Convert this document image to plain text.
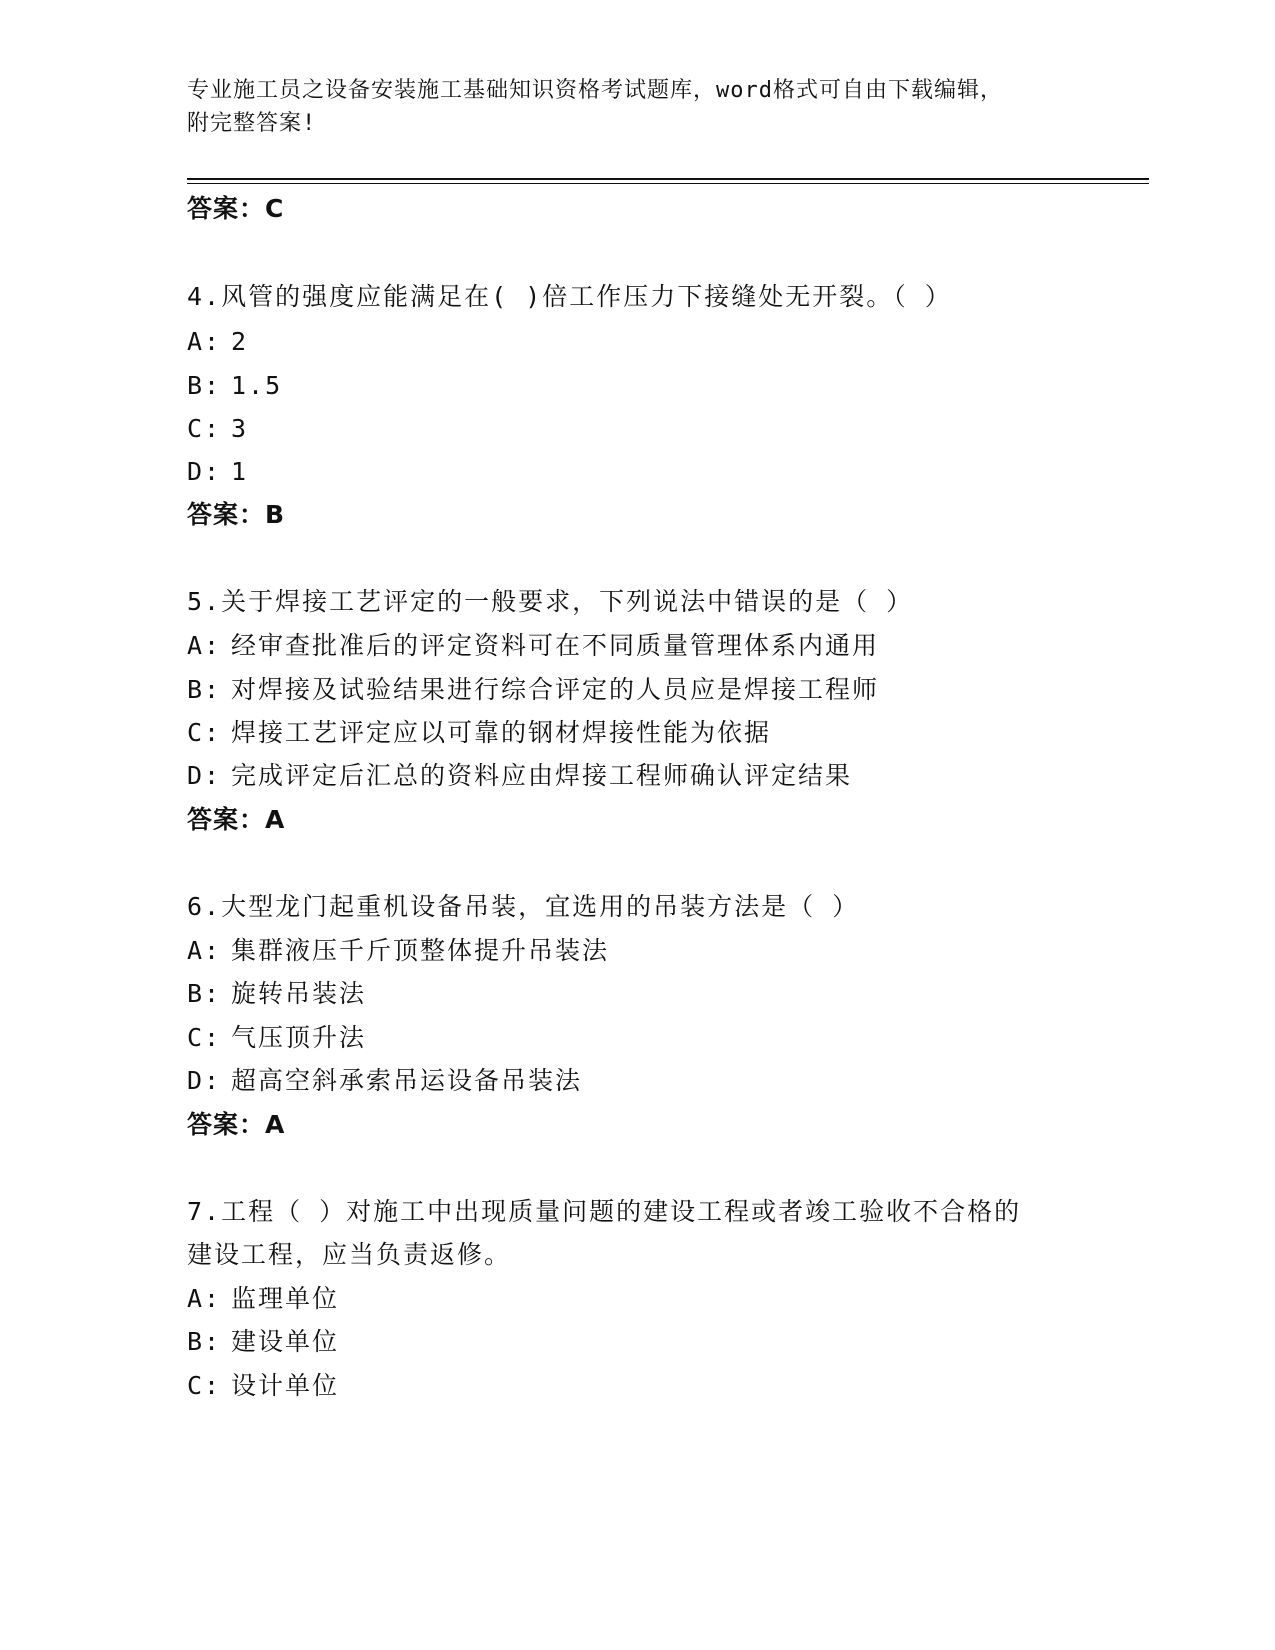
专业施工员之设备安装施工基础知识资格考试题库，word格式可自由下载编辑，
附完整答案!
答案：C
4.风管的强度应能满足在( )倍工作压力下接缝处无开裂。（ ）
A: 2
B: 1.5
C: 3
D: 1
答案：B
5.关于焊接工艺评定的一般要求，下列说法中错误的是（ ）
A: 经审查批准后的评定资料可在不同质量管理体系内通用
B: 对焊接及试验结果进行综合评定的人员应是焊接工程师
C: 焊接工艺评定应以可靠的钢材焊接性能为依据
D: 完成评定后汇总的资料应由焊接工程师确认评定结果
答案：A
6.大型龙门起重机设备吊装，宜选用的吊装方法是（ ）
A: 集群液压千斤顶整体提升吊装法
B: 旋转吊装法
C: 气压顶升法
D: 超高空斜承索吊运设备吊装法
答案：A
7.工程（ ）对施工中出现质量问题的建设工程或者竣工验收不合格的
建设工程，应当负责返修。
A: 监理单位
B: 建设单位
C: 设计单位
